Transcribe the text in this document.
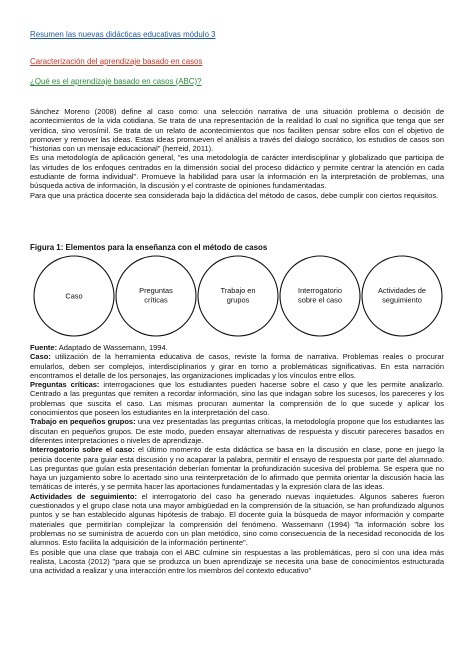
Resumen las nuevas didácticas educativas módulo 3
Caracterización del aprendizaje basado en casos
¿Qué es el aprendizaje basado en casos (ABC)?

Sánchez Moreno (2008) define al caso como: una selección narrativa de una situación problema o decisión de acontecimientos de la vida cotidiana. Se trata de una representación de la realidad lo cual no significa que tenga que ser verídica, sino verosímil. Se trata de un relato de acontecimientos que nos faciliten pensar sobre ellos con el objetivo de promover y remover las ideas. Estas ideas promueven el análisis a través del dialogo socrático, los estudios de casos son "historias con un mensaje educacional" (herreid, 2011).

Es una metodología de aplicación general, "es una metodología de carácter interdisciplinar y globalizado que participa de las virtudes de los enfoques centrados en la dimensión social del proceso didáctico y permite centrar la atención en cada estudiante de forma individual". Promueve la habilidad para usar la información en la interpretación de problemas, una búsqueda activa de información, la discusión y el contraste de opiniones fundamentadas.

Para que una práctica docente sea considerada bajo la didáctica del método de casos, debe cumplir con ciertos requisitos.

Figura 1: Elementos para la enseñanza con el método de casos
Caso
Preguntas
críticas
Trabajo en
grupos
Interrogatorio
sobre el caso
Actividades de
seguimiento

Fuente: Adaptado de Wassemann, 1994.

Caso: utilización de la herramienta educativa de casos, reviste la forma de narrativa. Problemas reales o procurar emularlos, deben ser complejos, interdisciplinarios y girar en torno a problemáticas significativas. En esta narración encontramos el detalle de los personajes, las organizaciones implicadas y los vínculos entre ellos.

Preguntas críticas: interrogaciones que los estudiantes pueden hacerse sobre el caso y que les permite analizarlo. Centrado a las preguntas que remiten a recordar información, sino las que indagan sobre los sucesos, los pareceres y los problemas que suscita el caso. Las mismas procuran aumentar la comprensión de lo que sucede y aplicar los conocimientos que poseen los estudiantes en la interpretación del caso.

Trabajo en pequeños grupos: una vez presentadas las preguntas críticas, la metodología propone que los estudiantes las discutan en pequeños grupos. De este modo, pueden ensayar alternativas de respuesta y discutir pareceres basados en diferentes interpretaciones o niveles de aprendizaje.

Interrogatorio sobre el caso: el último momento de esta didáctica se basa en la discusión en clase, pone en juego la pericia docente para guiar esta discusión y no acaparar la palabra, permitir el ensayo de respuesta por parte del alumnado. Las preguntas que guían esta presentación deberían fomentar la profundización sucesiva del problema. Se espera que no haya un juzgamiento sobre lo acertado sino una reinterpretación de lo afirmado que permita orientar la discusión hacia las temáticas de interés, y se permita hacer las aportaciones fundamentadas y la expresión clara de las ideas.

Actividades de seguimiento: el interrogatorio del caso ha generado nuevas inquietudes. Algunos saberes fueron cuestionados y el grupo clase nota una mayor ambigüedad en la comprensión de la situación, se han profundizado algunos puntos y se han establecido algunas hipótesis de trabajo. El docente guía la búsqueda de mayor información y comparte materiales que permitirían complejizar la comprensión del fenómeno. Wassemann (1994) "la información sobre los problemas no se suministra de acuerdo con un plan metódico, sino como consecuencia de la necesidad reconocida de los alumnos. Esto facilita la adquisición de la información pertinente".

Es posible que una clase que trabaja con el ABC culmine sin respuestas a las problemáticas, pero sí con una idea más realista, Lacosta (2012) "para que se produzca un buen aprendizaje se necesita una base de conocimientos estructurada una actividad a realizar y una interacción entre los miembros del contexto educativo"
